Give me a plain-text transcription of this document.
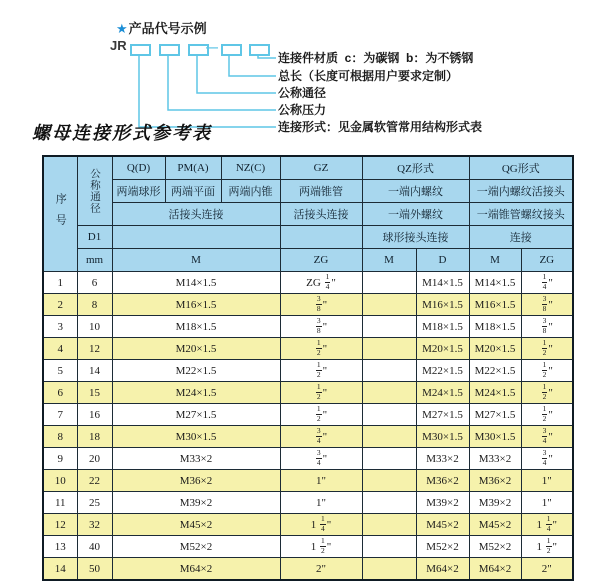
★产品代号示例
JR	—
连接件材质  c：为碳钢  b：为不锈钢
总长（长度可根据用户要求定制）
公称通径
公称压力
连接形式：见金属软管常用结构形式表
螺母连接形式参考表
序号	公称通径	Q(D)	PM(A)	NZ(C)	GZ	QZ形式		QG形式	
		两端球形	两端平面	两端内锥	两端锥管	一端内螺纹		一端内螺纹活接头	
		活接头连接			活接头连接	一端外螺纹		一端锥管螺纹接头	
	D1					球形接头连接		连接	
	mm	M			ZG	M	D	M	ZG
1	6	M14×1.5			ZG $\frac{1}{4}$ "		M14×1.5	M14×1.5	$\frac{1}{4}$ "
2	8	M16×1.5			$\frac{3}{8}$ "		M16×1.5	M16×1.5	$\frac{3}{8}$ "
3	10	M18×1.5			$\frac{3}{8}$ "		M18×1.5	M18×1.5	$\frac{3}{8}$ "
4	12	M20×1.5			$\frac{1}{2}$ "		M20×1.5	M20×1.5	$\frac{1}{2}$ "
5	14	M22×1.5			$\frac{1}{2}$ "		M22×1.5	M22×1.5	$\frac{1}{2}$ "
6	15	M24×1.5			$\frac{1}{2}$ "		M24×1.5	M24×1.5	$\frac{1}{2}$ "
7	16	M27×1.5			$\frac{1}{2}$ "		M27×1.5	M27×1.5	$\frac{1}{2}$ "
8	18	M30×1.5			$\frac{3}{4}$ "		M30×1.5	M30×1.5	$\frac{3}{4}$ "
9	20	M33×2			$\frac{3}{4}$ "		M33×2	M33×2	$\frac{3}{4}$ "
10	22	M36×2			1"		M36×2	M36×2	1"
11	25	M39×2			1"		M39×2	M39×2	1"
12	32	M45×2			$1 \frac{1}{4}$ "		M45×2	M45×2	$1 \frac{1}{4}$ "
13	40	M52×2			$1 \frac{1}{2}$ "		M52×2	M52×2	$1 \frac{1}{2}$ "
14	50	M64×2			2"		M64×2	M64×2	2"
